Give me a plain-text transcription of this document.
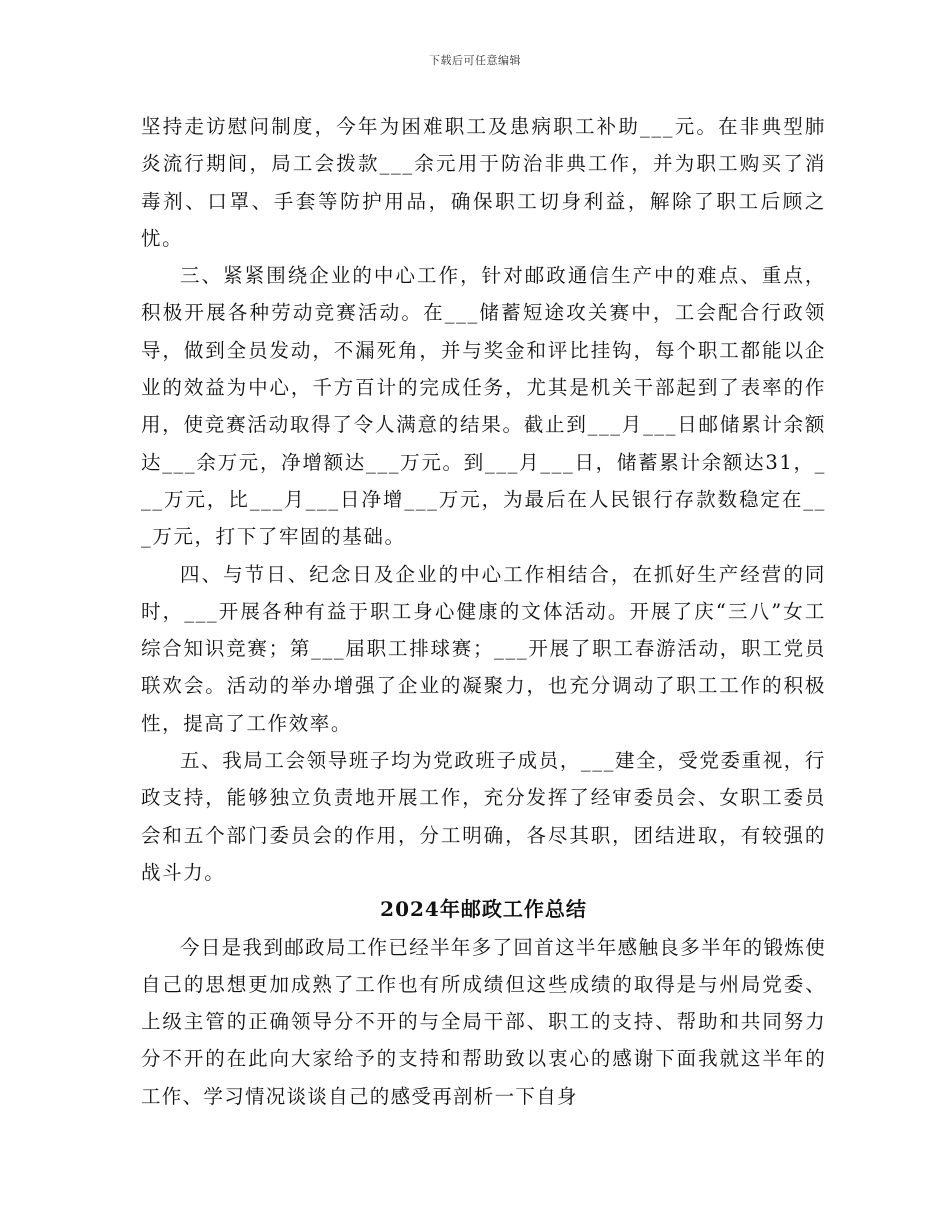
下载后可任意编辑

坚持走访慰问制度，今年为困难职工及患病职工补助___元。在非典型肺炎流行期间，局工会拨款___余元用于防治非典工作，并为职工购买了消毒剂、口罩、手套等防护用品，确保职工切身利益，解除了职工后顾之忧。

三、紧紧围绕企业的中心工作，针对邮政通信生产中的难点、重点，积极开展各种劳动竞赛活动。在___储蓄短途攻关赛中，工会配合行政领导，做到全员发动，不漏死角，并与奖金和评比挂钩，每个职工都能以企业的效益为中心，千方百计的完成任务，尤其是机关干部起到了表率的作用，使竞赛活动取得了令人满意的结果。截止到___月___日邮储累计余额达___余万元，净增额达___万元。到___月___日，储蓄累计余额达31，___万元，比___月___日净增___万元，为最后在人民银行存款数稳定在___万元，打下了牢固的基础。

四、与节日、纪念日及企业的中心工作相结合，在抓好生产经营的同时，___开展各种有益于职工身心健康的文体活动。开展了庆“三八”女工综合知识竞赛；第___届职工排球赛；___开展了职工春游活动，职工党员联欢会。活动的举办增强了企业的凝聚力，也充分调动了职工工作的积极性，提高了工作效率。

五、我局工会领导班子均为党政班子成员，___建全，受党委重视，行政支持，能够独立负责地开展工作，充分发挥了经审委员会、女职工委员会和五个部门委员会的作用，分工明确，各尽其职，团结进取，有较强的战斗力。

2024年邮政工作总结

今日是我到邮政局工作已经半年多了回首这半年感触良多半年的锻炼使自己的思想更加成熟了工作也有所成绩但这些成绩的取得是与州局党委、上级主管的正确领导分不开的与全局干部、职工的支持、帮助和共同努力分不开的在此向大家给予的支持和帮助致以衷心的感谢下面我就这半年的工作、学习情况谈谈自己的感受再剖析一下自身
